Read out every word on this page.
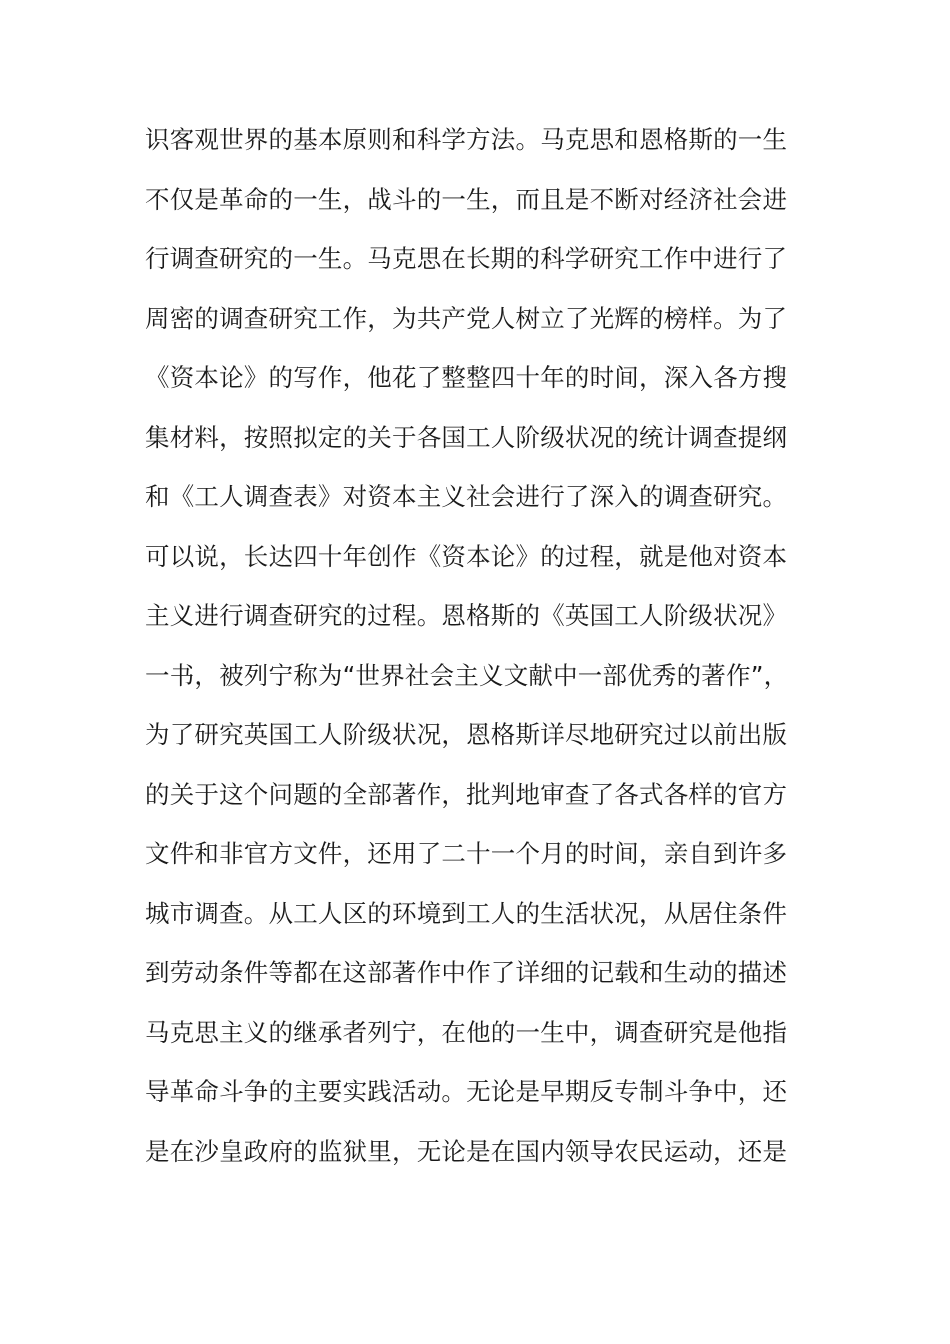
识客观世界的基本原则和科学方法。马克思和恩格斯的一生
不仅是革命的一生，战斗的一生，而且是不断对经济社会进
行调查研究的一生。马克思在长期的科学研究工作中进行了
周密的调查研究工作，为共产党人树立了光辉的榜样。为了
《资本论》的写作，他花了整整四十年的时间，深入各方搜
集材料，按照拟定的关于各国工人阶级状况的统计调查提纲
和《工人调查表》对资本主义社会进行了深入的调查研究。
可以说，长达四十年创作《资本论》的过程，就是他对资本
主义进行调查研究的过程。恩格斯的《英国工人阶级状况》
一书，被列宁称为“世界社会主义文献中一部优秀的著作”，
为了研究英国工人阶级状况，恩格斯详尽地研究过以前出版
的关于这个问题的全部著作，批判地审查了各式各样的官方
文件和非官方文件，还用了二十一个月的时间，亲自到许多
城市调查。从工人区的环境到工人的生活状况，从居住条件
到劳动条件等都在这部著作中作了详细的记载和生动的描述
马克思主义的继承者列宁，在他的一生中，调查研究是他指
导革命斗争的主要实践活动。无论是早期反专制斗争中，还
是在沙皇政府的监狱里，无论是在国内领导农民运动，还是
